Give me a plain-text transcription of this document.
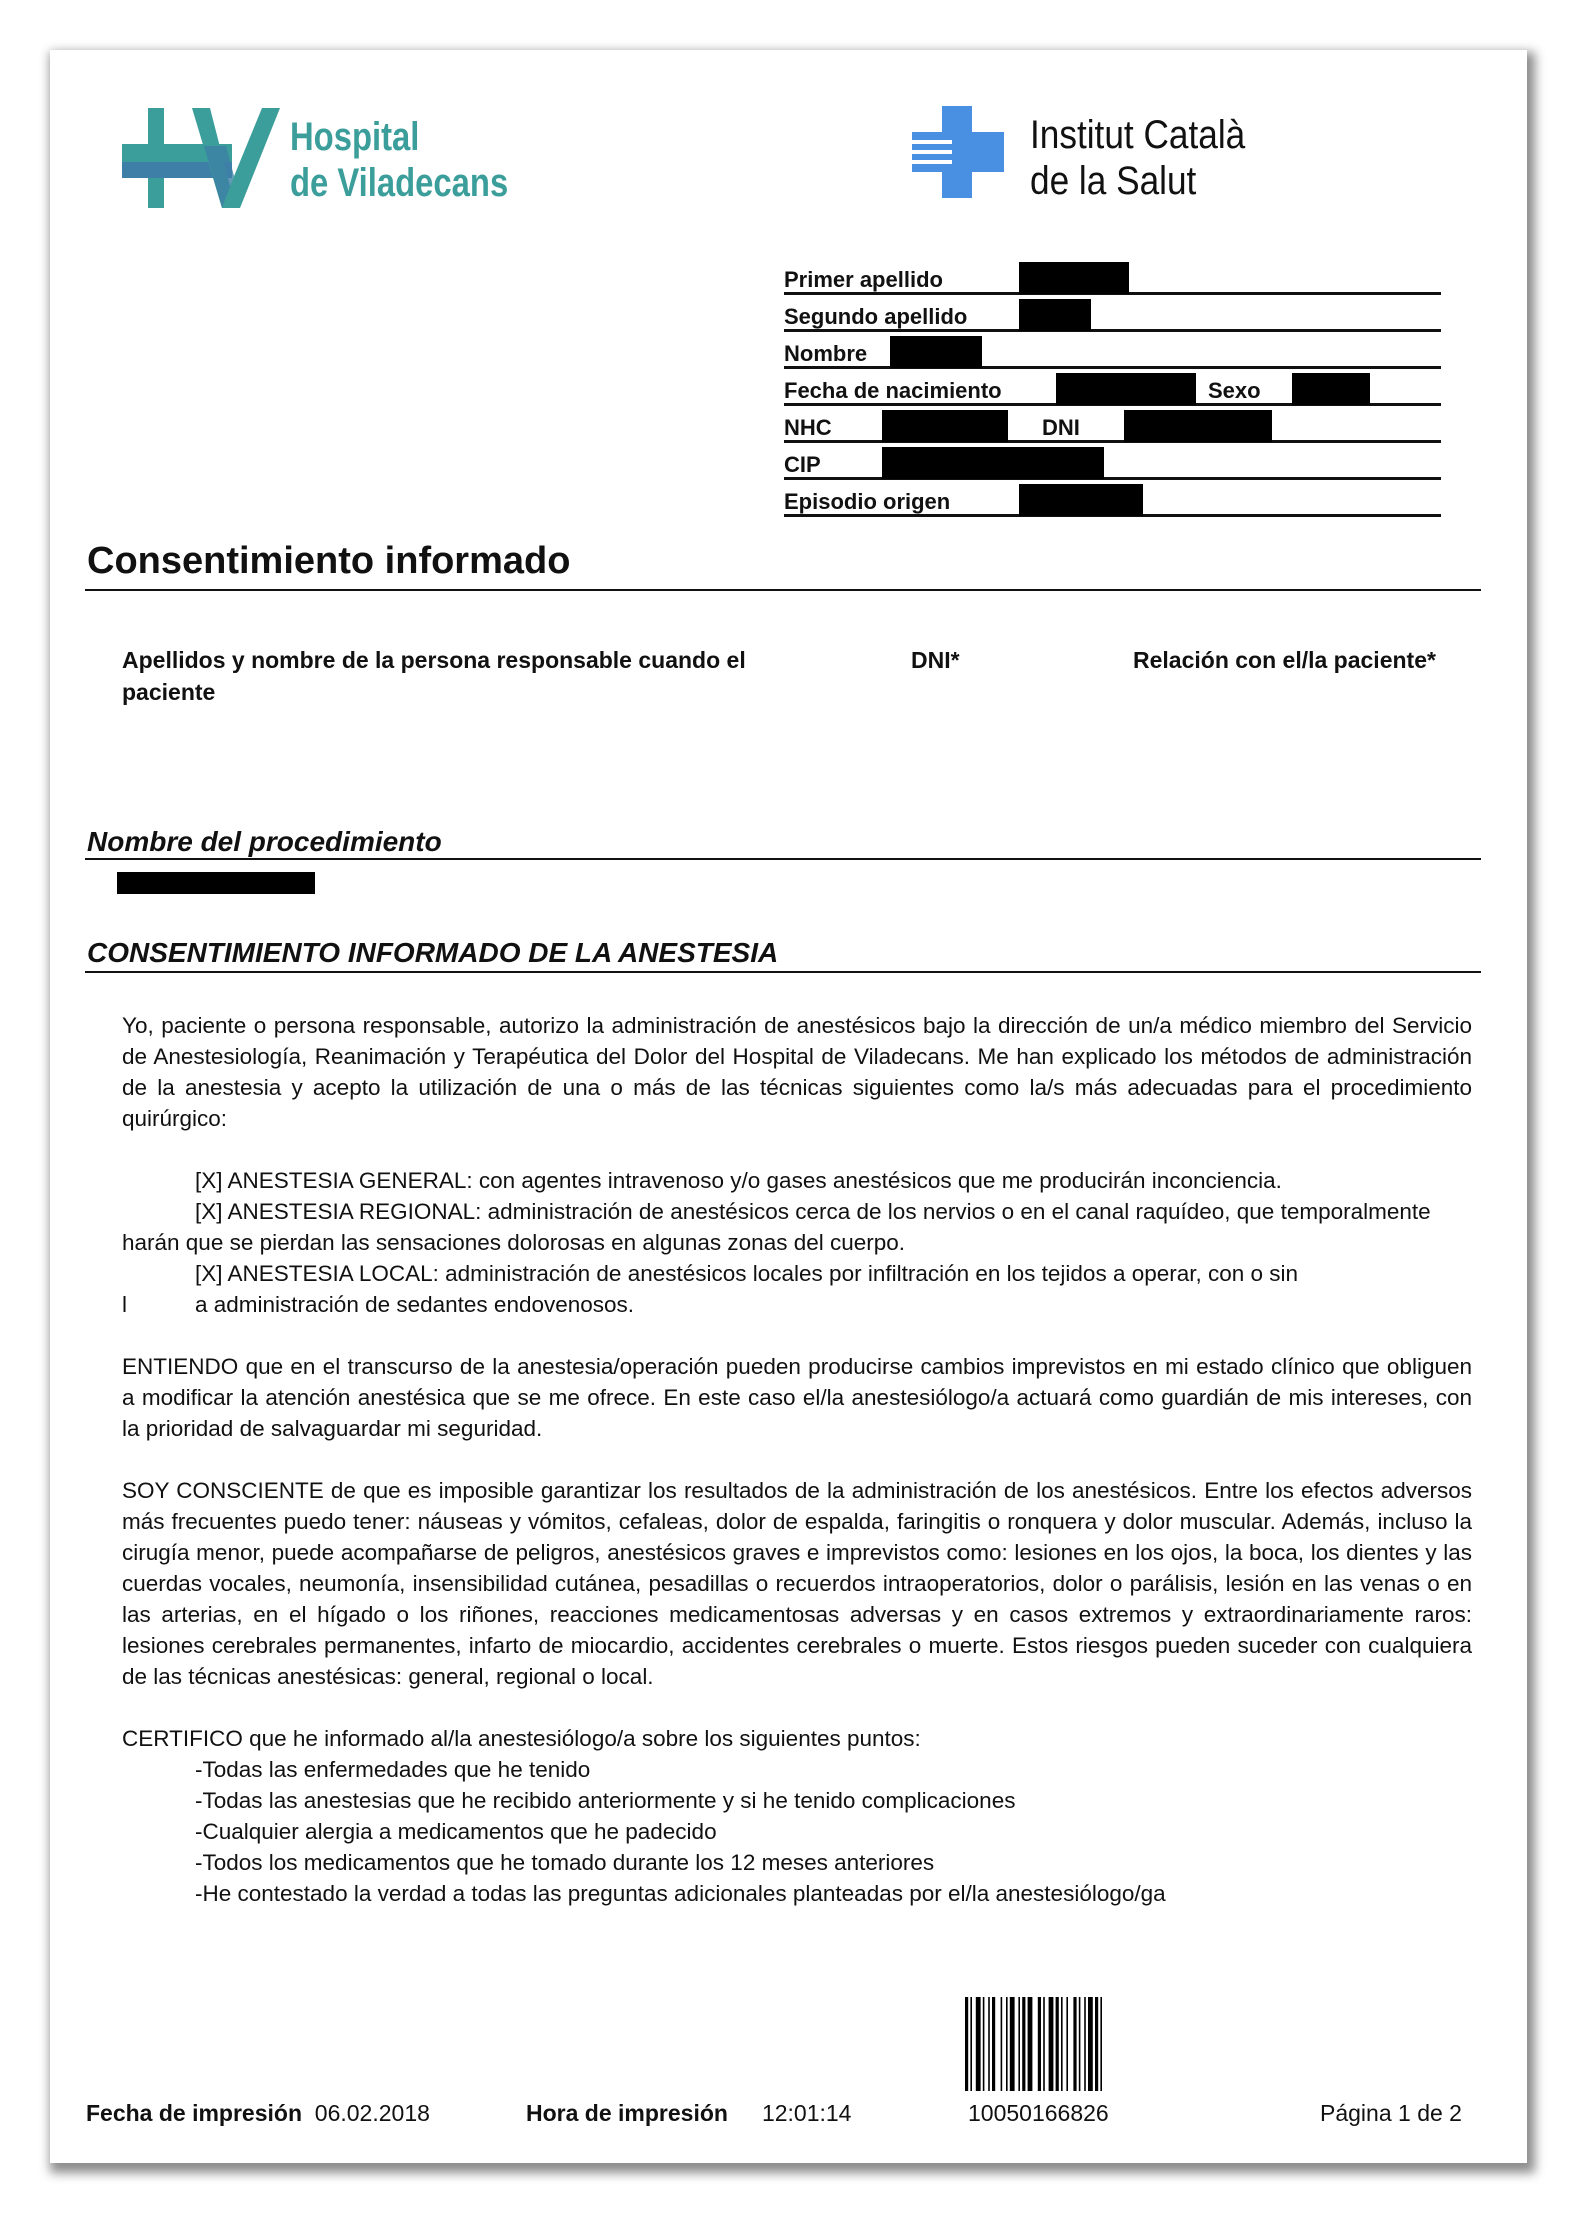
Hospital
de Viladecans
Institut Català
de la Salut
Primer apellido
Segundo apellido
Nombre
Fecha de nacimiento	Sexo
NHC	DNI
CIP
Episodio origen
Consentimiento informado
Apellidos y nombre de la persona responsable cuando el paciente
DNI*	Relación con el/la paciente*
Nombre del procedimiento
CONSENTIMIENTO INFORMADO DE LA ANESTESIA

Yo, paciente o persona responsable, autorizo la administración de anestésicos bajo la dirección de un/a médico miembro del Servicio de Anestesiología, Reanimación y Terapéutica del Dolor del Hospital de Viladecans. Me han explicado los métodos de administración de la anestesia y acepto la utilización de una o más de las técnicas siguientes como la/s más adecuadas para el procedimiento quirúrgico:

[X] ANESTESIA GENERAL: con agentes intravenoso y/o gases anestésicos que me producirán inconciencia.
[X] ANESTESIA REGIONAL: administración de anestésicos cerca de los nervios o en el canal raquídeo, que temporalmente harán que se pierdan las sensaciones dolorosas en algunas zonas del cuerpo.
[X] ANESTESIA LOCAL: administración de anestésicos locales por infiltración en los tejidos a operar, con o sin
l	a administración de sedantes endovenosos.

ENTIENDO que en el transcurso de la anestesia/operación pueden producirse cambios imprevistos en mi estado clínico que obliguen a modificar la atención anestésica que se me ofrece. En este caso el/la anestesiólogo/a actuará como guardián de mis intereses, con la prioridad de salvaguardar mi seguridad.

SOY CONSCIENTE de que es imposible garantizar los resultados de la administración de los anestésicos. Entre los efectos adversos más frecuentes puedo tener: náuseas y vómitos, cefaleas, dolor de espalda, faringitis o ronquera y dolor muscular. Además, incluso la cirugía menor, puede acompañarse de peligros, anestésicos graves e imprevistos como: lesiones en los ojos, la boca, los dientes y las cuerdas vocales, neumonía, insensibilidad cutánea, pesadillas o recuerdos intraoperatorios, dolor o parálisis, lesión en las venas o en las arterias, en el hígado o los riñones, reacciones medicamentosas adversas y en casos extremos y extraordinariamente raros: lesiones cerebrales permanentes, infarto de miocardio, accidentes cerebrales o muerte. Estos riesgos pueden suceder con cualquiera de las técnicas anestésicas: general, regional o local.

CERTIFICO que he informado al/la anestesiólogo/a sobre los siguientes puntos:
-Todas las enfermedades que he tenido
-Todas las anestesias que he recibido anteriormente y si he tenido complicaciones
-Cualquier alergia a medicamentos que he padecido
-Todos los medicamentos que he tomado durante los 12 meses anteriores
-He contestado la verdad a todas las preguntas adicionales planteadas por el/la anestesiólogo/ga
Fecha de impresión 06.02.2018	Hora de impresión 12:01:14	10050166826	Página 1 de 2
